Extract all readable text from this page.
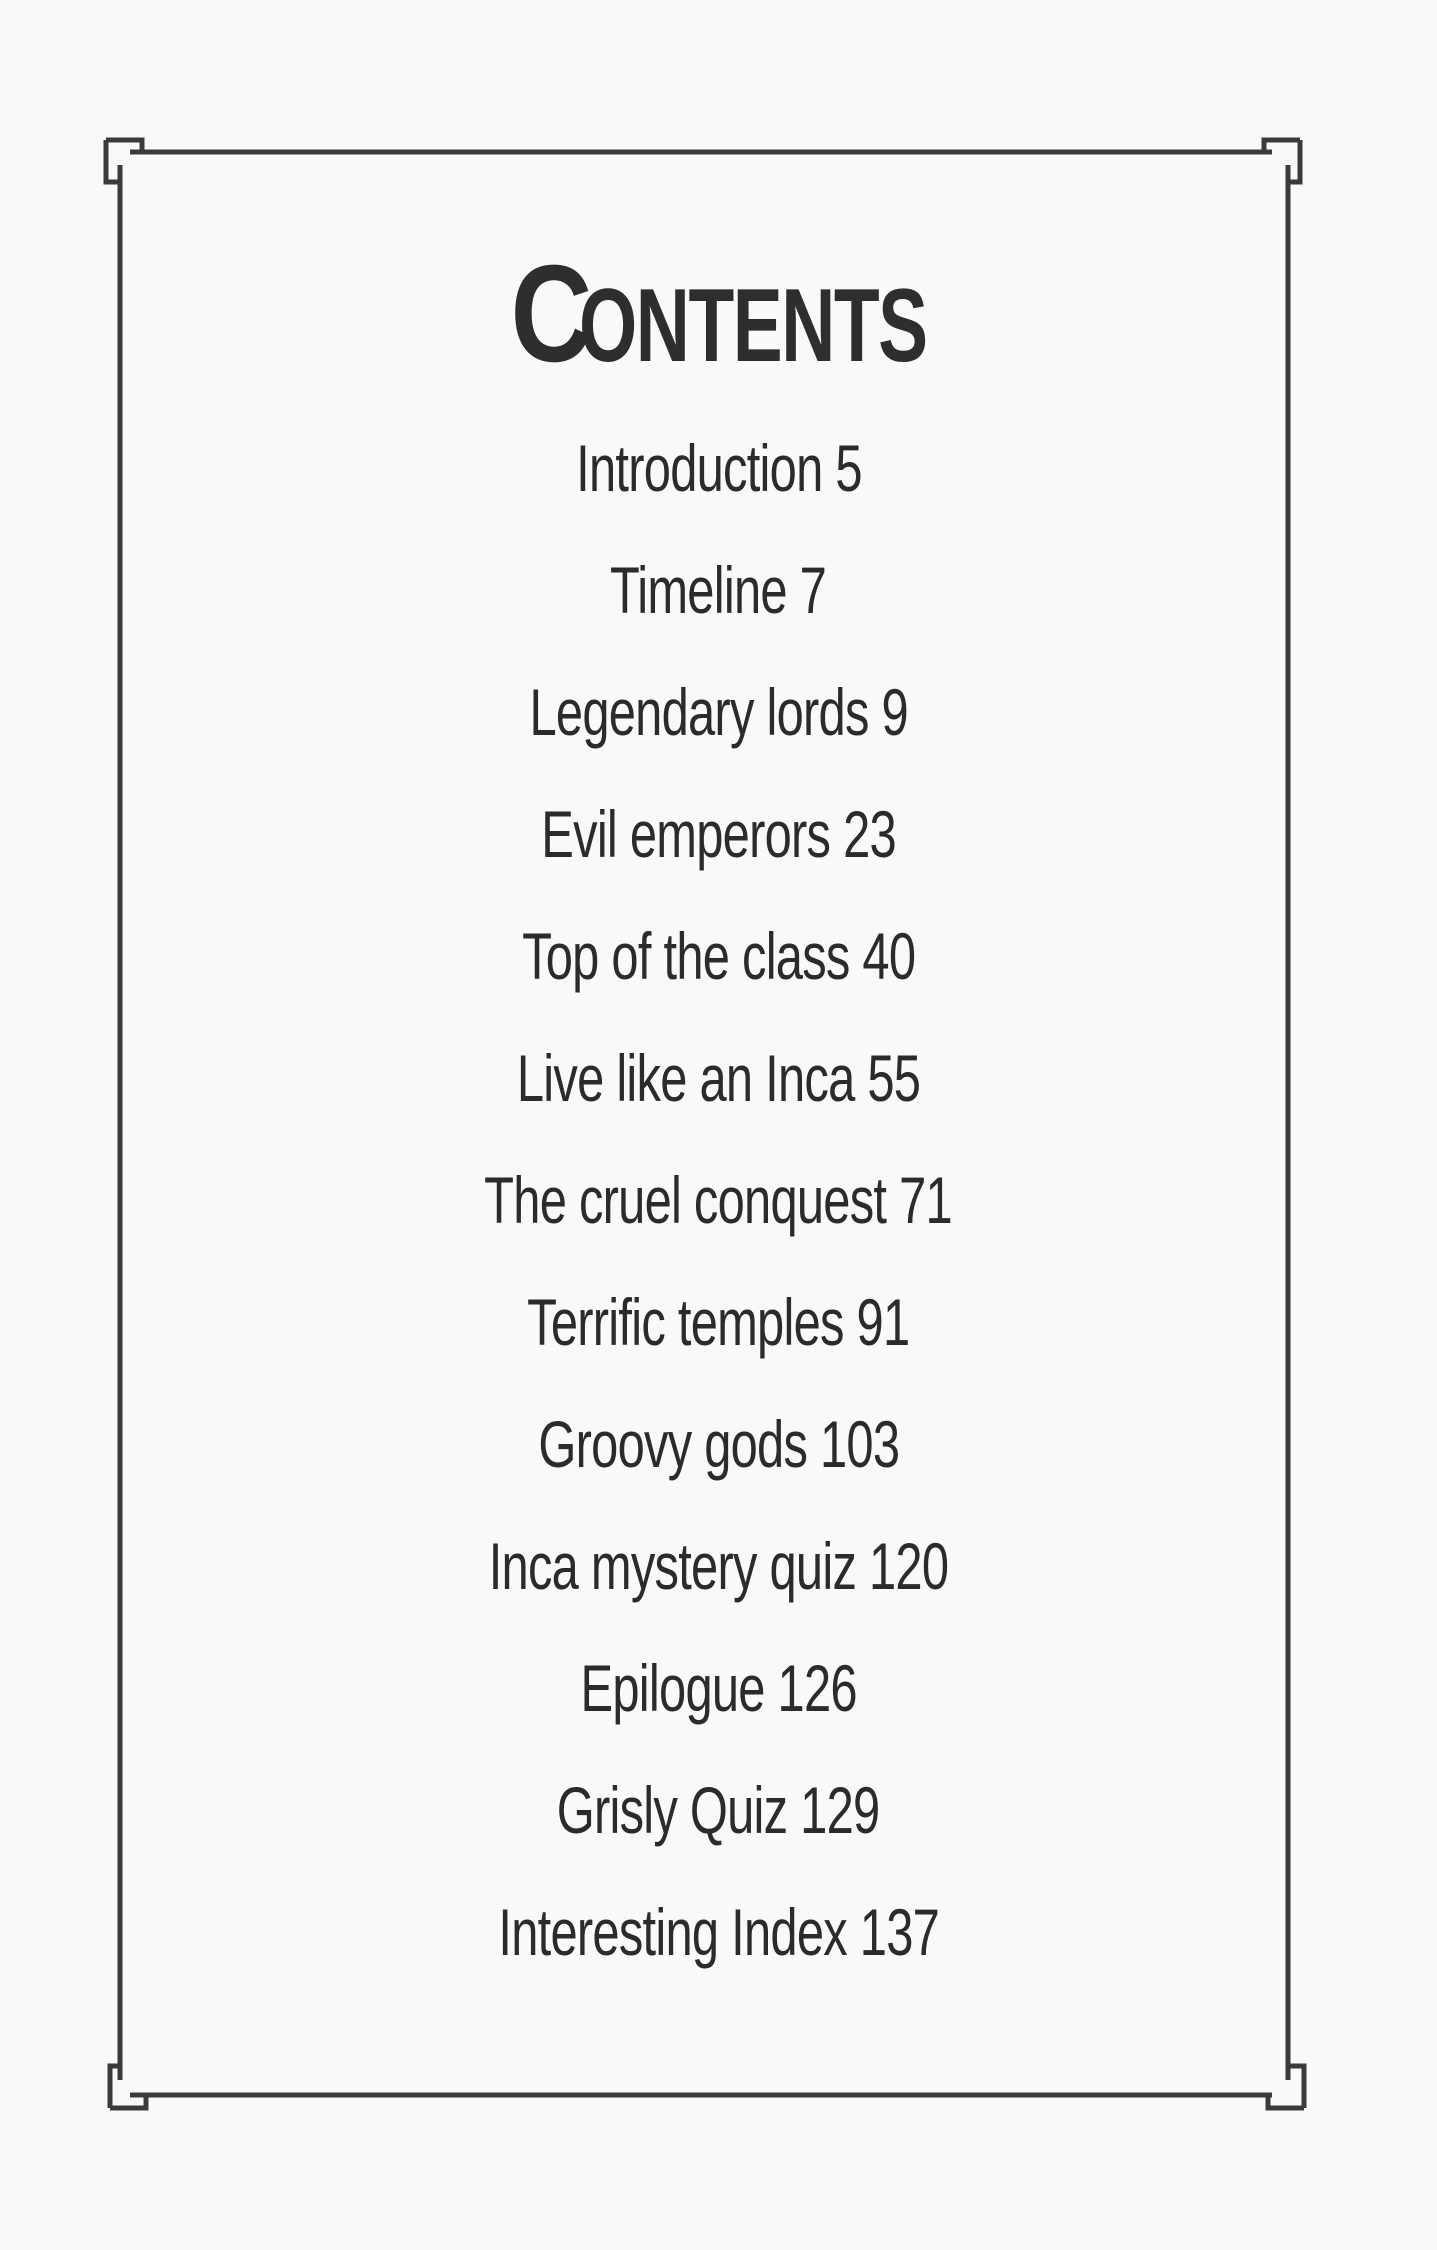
CONTENTS
Introduction 5
Timeline 7
Legendary lords 9
Evil emperors 23
Top of the class 40
Live like an Inca 55
The cruel conquest 71
Terrific temples 91
Groovy gods 103
Inca mystery quiz 120
Epilogue 126
Grisly Quiz 129
Interesting Index 137
